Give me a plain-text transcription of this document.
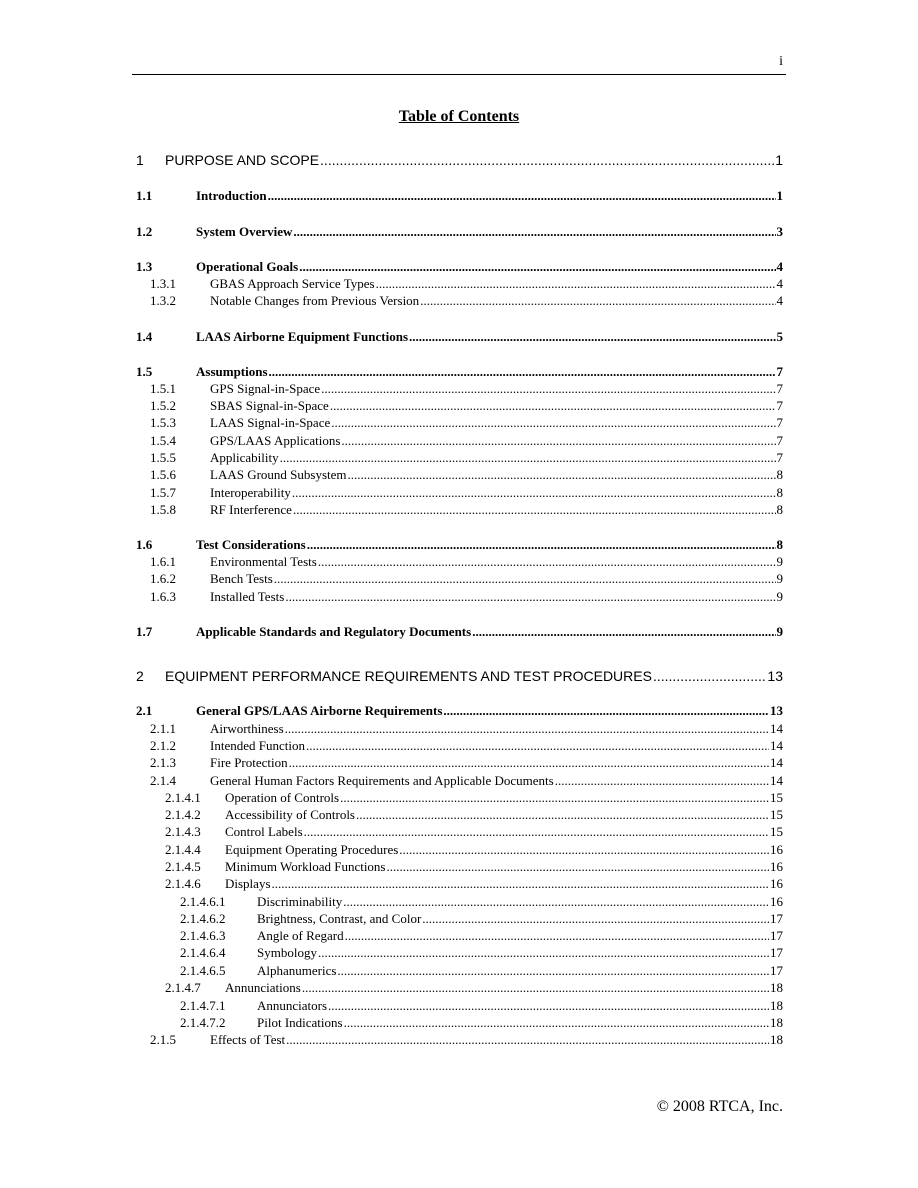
i
Table of Contents
1	PURPOSE AND SCOPE .....	1
1.1	Introduction .....	1
1.2	System Overview .....	3
1.3	Operational Goals .....	4
1.3.1	GBAS Approach Service Types .....	4
1.3.2	Notable Changes from Previous Version .....	4
1.4	LAAS Airborne Equipment Functions .....	5
1.5	Assumptions .....	7
1.5.1	GPS Signal-in-Space .....	7
1.5.2	SBAS Signal-in-Space .....	7
1.5.3	LAAS Signal-in-Space .....	7
1.5.4	GPS/LAAS Applications .....	7
1.5.5	Applicability .....	7
1.5.6	LAAS Ground Subsystem .....	8
1.5.7	Interoperability .....	8
1.5.8	RF Interference .....	8
1.6	Test Considerations .....	8
1.6.1	Environmental Tests .....	9
1.6.2	Bench Tests .....	9
1.6.3	Installed Tests .....	9
1.7	Applicable Standards and Regulatory Documents .....	9
2	EQUIPMENT PERFORMANCE REQUIREMENTS AND TEST PROCEDURES .....	13
2.1	General GPS/LAAS Airborne Requirements .....	13
2.1.1	Airworthiness .....	14
2.1.2	Intended Function .....	14
2.1.3	Fire Protection .....	14
2.1.4	General Human Factors Requirements and Applicable Documents .....	14
2.1.4.1	Operation of Controls .....	15
2.1.4.2	Accessibility of Controls .....	15
2.1.4.3	Control Labels .....	15
2.1.4.4	Equipment Operating Procedures .....	16
2.1.4.5	Minimum Workload Functions .....	16
2.1.4.6	Displays .....	16
2.1.4.6.1	Discriminability .....	16
2.1.4.6.2	Brightness, Contrast, and Color .....	17
2.1.4.6.3	Angle of Regard .....	17
2.1.4.6.4	Symbology .....	17
2.1.4.6.5	Alphanumerics .....	17
2.1.4.7	Annunciations .....	18
2.1.4.7.1	Annunciators .....	18
2.1.4.7.2	Pilot Indications .....	18
2.1.5	Effects of Test .....	18
© 2008 RTCA, Inc.
